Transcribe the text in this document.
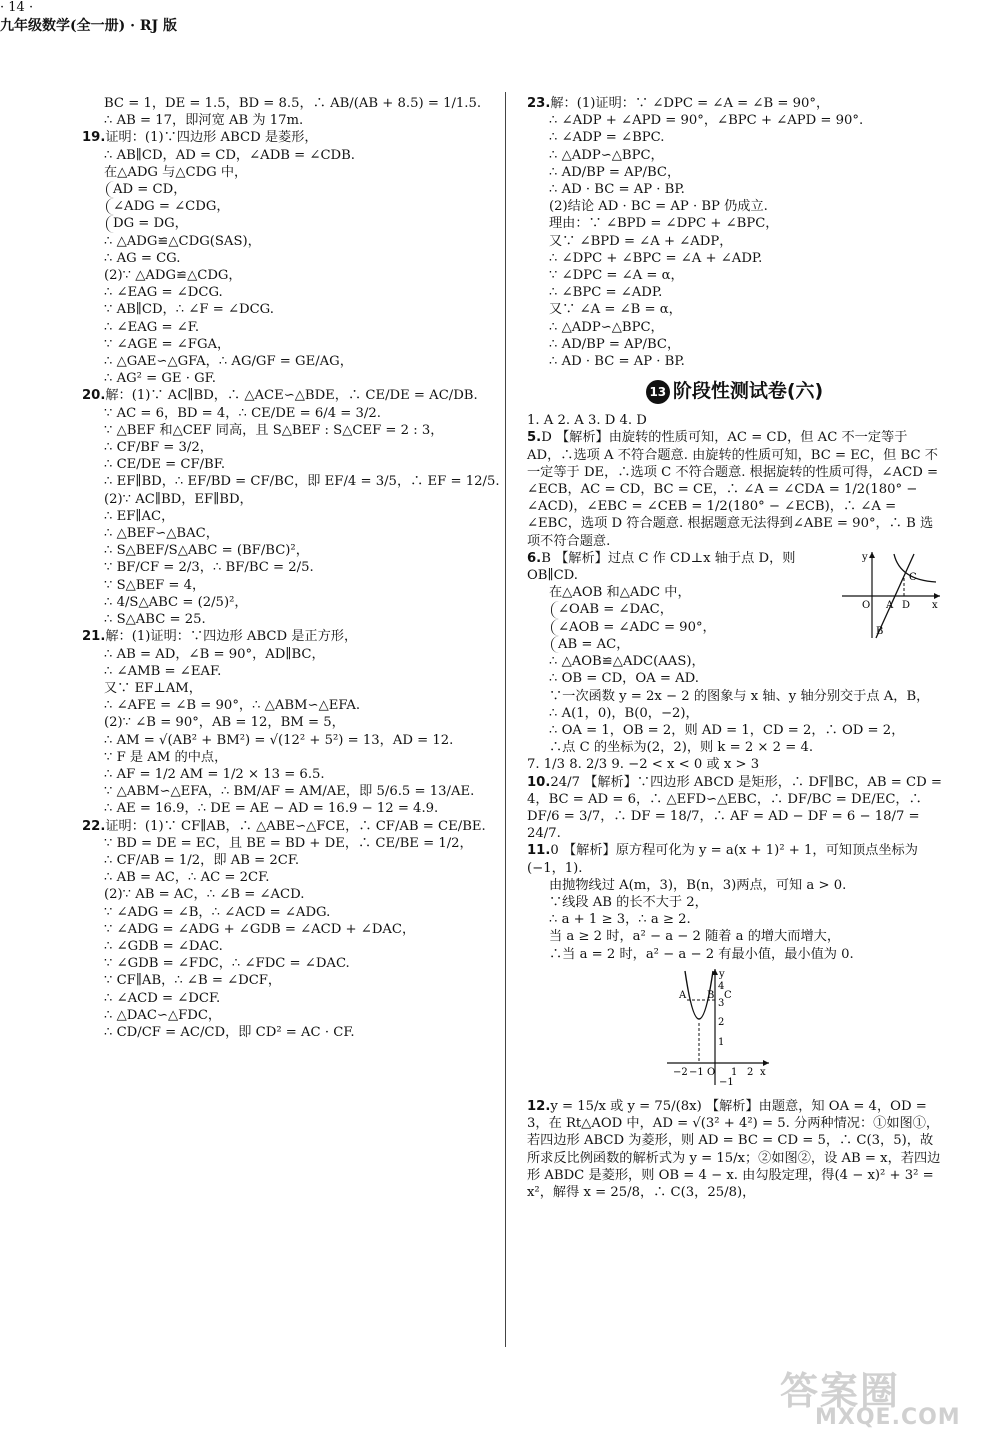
BC = 1，DE = 1.5，BD = 8.5，∴ AB/(AB + 8.5) = 1/1.5.
∴ AB = 17，即河宽 AB 为 17m.
19.证明：(1)∵四边形 ABCD 是菱形，
∴ AB∥CD，AD = CD，∠ADB = ∠CDB.
在△ADG 与△CDG 中，
AD = CD，
∠ADG = ∠CDG，
DG = DG，
∴ △ADG≌△CDG(SAS)，
∴ AG = CG.
(2)∵ △ADG≌△CDG，
∴ ∠EAG = ∠DCG.
∵ AB∥CD，∴ ∠F = ∠DCG.
∴ ∠EAG = ∠F.
∵ ∠AGE = ∠FGA，
∴ △GAE∽△GFA，∴ AG/GF = GE/AG，
∴ AG² = GE · GF.
20.解：(1)∵ AC∥BD，∴ △ACE∽△BDE，∴ CE/DE = AC/DB.
∵ AC = 6，BD = 4，∴ CE/DE = 6/4 = 3/2.
∵ △BEF 和△CEF 同高，且 S△BEF : S△CEF = 2 : 3，
∴ CF/BF = 3/2，
∴ CE/DE = CF/BF.
∴ EF∥BD，∴ EF/BD = CF/BC，即 EF/4 = 3/5，∴ EF = 12/5.
(2)∵ AC∥BD，EF∥BD，
∴ EF∥AC，
∴ △BEF∽△BAC，
∴ S△BEF/S△ABC = (BF/BC)²，
∵ BF/CF = 2/3，∴ BF/BC = 2/5.
∵ S△BEF = 4，
∴ 4/S△ABC = (2/5)²，
∴ S△ABC = 25.
21.解：(1)证明：∵四边形 ABCD 是正方形，
∴ AB = AD，∠B = 90°，AD∥BC，
∴ ∠AMB = ∠EAF.
又∵ EF⊥AM，
∴ ∠AFE = ∠B = 90°，∴ △ABM∽△EFA.
(2)∵ ∠B = 90°，AB = 12，BM = 5，
∴ AM = √(AB² + BM²) = √(12² + 5²) = 13，AD = 12.
∵ F 是 AM 的中点，
∴ AF = 1/2 AM = 1/2 × 13 = 6.5.
∵ △ABM∽△EFA，∴ BM/AF = AM/AE，即 5/6.5 = 13/AE.
∴ AE = 16.9，∴ DE = AE − AD = 16.9 − 12 = 4.9.
22.证明：(1)∵ CF∥AB，∴ △ABE∽△FCE，∴ CF/AB = CE/BE.
∵ BD = DE = EC，且 BE = BD + DE，∴ CE/BE = 1/2，
∴ CF/AB = 1/2，即 AB = 2CF.
∴ AB = AC，∴ AC = 2CF.
(2)∵ AB = AC，∴ ∠B = ∠ACD.
∵ ∠ADG = ∠B，∴ ∠ACD = ∠ADG.
∵ ∠ADG = ∠ADG + ∠GDB = ∠ACD + ∠DAC，
∴ ∠GDB = ∠DAC.
∵ ∠GDB = ∠FDC，∴ ∠FDC = ∠DAC.
∵ CF∥AB，∴ ∠B = ∠DCF，
∴ ∠ACD = ∠DCF.
∴ △DAC∽△FDC，
∴ CD/CF = AC/CD，即 CD² = AC · CF.
23.解：(1)证明：∵ ∠DPC = ∠A = ∠B = 90°，
∴ ∠ADP + ∠APD = 90°，∠BPC + ∠APD = 90°.
∴ ∠ADP = ∠BPC.
∴ △ADP∽△BPC，
∴ AD/BP = AP/BC，
∴ AD · BC = AP · BP.
(2)结论 AD · BC = AP · BP 仍成立.
理由：∵ ∠BPD = ∠DPC + ∠BPC，
又∵ ∠BPD = ∠A + ∠ADP，
∴ ∠DPC + ∠BPC = ∠A + ∠ADP.
∵ ∠DPC = ∠A = α，
∴ ∠BPC = ∠ADP.
又∵ ∠A = ∠B = α，
∴ △ADP∽△BPC，
∴ AD/BP = AP/BC，
∴ AD · BC = AP · BP.
13 阶段性测试卷(六)
1. A 2. A 3. D 4. D
5.D 【解析】由旋转的性质可知，AC = CD，但 AC 不一定等于 AD，∴选项 A 不符合题意. 由旋转的性质可知，BC = EC，但 BC 不一定等于 DE，∴选项 C 不符合题意. 根据旋转的性质可得，∠ACD = ∠ECB，AC = CD，BC = CE，∴ ∠A = ∠CDA = 1/2(180° − ∠ACD)，∠EBC = ∠CEB = 1/2(180° − ∠ECB)，∴ ∠A = ∠EBC，选项 D 符合题意. 根据题意无法得到∠ABE = 90°，∴ B 选项不符合题意.
y
C
O A D x
B
6.B 【解析】过点 C 作 CD⊥x 轴于点 D，则 OB∥CD.
在△AOB 和△ADC 中，
∠OAB = ∠DAC，
∠AOB = ∠ADC = 90°，
AB = AC，
∴ △AOB≌△ADC(AAS)，
∴ OB = CD，OA = AD.
∵一次函数 y = 2x − 2 的图象与 x 轴、y 轴分别交于点 A，B，
∴ A(1，0)，B(0，−2)，
∴ OA = 1，OB = 2，则 AD = 1，CD = 2，∴ OD = 2，
∴点 C 的坐标为(2，2)，则 k = 2 × 2 = 4.
7. 1/3 8. 2/3 9. −2 < x < 0 或 x > 3
10.24/7 【解析】∵四边形 ABCD 是矩形，∴ DF∥BC，AB = CD = 4，BC = AD = 6，∴ △EFD∽△EBC，∴ DF/BC = DE/EC，∴ DF/6 = 3/7，∴ DF = 18/7，∴ AF = AD − DF = 6 − 18/7 = 24/7.
11.0 【解析】原方程可化为 y = a(x + 1)² + 1，可知顶点坐标为(−1，1).
由抛物线过 A(m，3)，B(n，3)两点，可知 a > 0.
∵线段 AB 的长不大于 2，
∴ a + 1 ≥ 3，∴ a ≥ 2.
当 a ≥ 2 时，a² − a − 2 随着 a 的增大而增大，
∴当 a = 2 时，a² − a − 2 有最小值，最小值为 0.
y
4
A
3
B C
2
1
−2 −1 O 1 2 x
−1
12.y = 15/x 或 y = 75/(8x) 【解析】由题意，知 OA = 4，OD = 3，在 Rt△AOD 中，AD = √(3² + 4²) = 5. 分两种情况：①如图①，若四边形 ABCD 为菱形，则 AD = BC = CD = 5，∴ C(3，5)，故所求反比例函数的解析式为 y = 15/x；②如图②，设 AB = x，若四边形 ABDC 是菱形，则 OB = 4 − x. 由勾股定理，得(4 − x)² + 3² = x²，解得 x = 25/8，∴ C(3，25/8)，
· 14 ·
九年级数学(全一册) · RJ 版
答案圈
MXQE.COM
